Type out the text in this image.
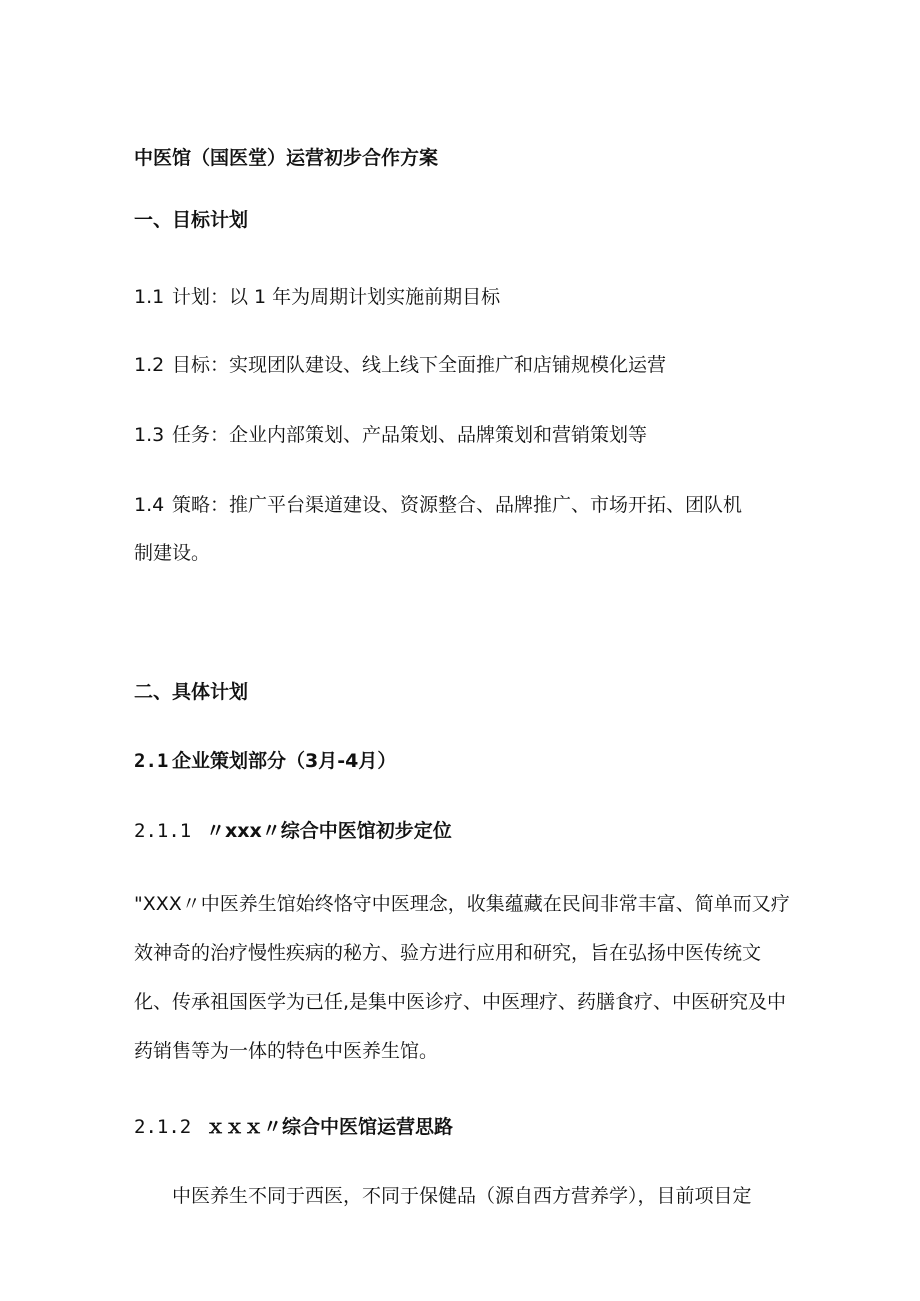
中医馆（国医堂）运营初步合作方案
一、目标计划
1.1 计划：以 1 年为周期计划实施前期目标
1.2 目标：实现团队建设、线上线下全面推广和店铺规模化运营
1.3 任务：企业内部策划、产品策划、品牌策划和营销策划等
1.4 策略：推广平台渠道建设、资源整合、品牌推广、市场开拓、团队机
制建设。
二、具体计划
2.1 企业策划部分（3月-4月）
2.1.1 〃xxx〃综合中医馆初步定位
"XXX〃中医养生馆始终恪守中医理念，收集蕴藏在民间非常丰富、简单而又疗效神奇的治疗慢性疾病的秘方、验方进行应用和研究，旨在弘扬中医传统文化、传承祖国医学为已任,是集中医诊疗、中医理疗、药膳食疗、中医研究及中药销售等为一体的特色中医养生馆。
2.1.2 ｘｘｘ〃综合中医馆运营思路
中医养生不同于西医，不同于保健品（源自西方营养学），目前项目定
